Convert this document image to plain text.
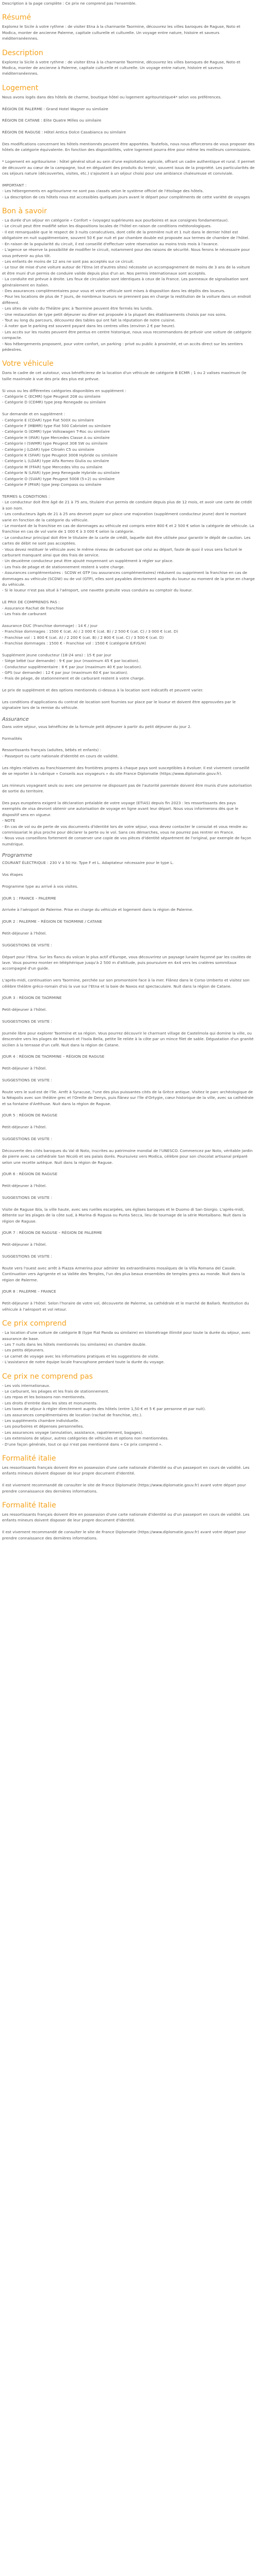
Description à la page complète : Ce prix ne comprend pas l'ensemble.

Résumé

Explorez le Sicile à votre rythme : de visiter Etna à la charmante Taormine, découvrez les villes baroques de Raguse, Noto et Modica, monter de ancienne Palerme, capitale culturelle et culturelle. Un voyage entre nature, histoire et saveurs méditerranéennes.

Description

Explorez la Sicile à votre rythme : de visiter Etna à la charmante Taormine, découvrez les villes baroques de Raguse, Noto et Modica, monter de ancienne à Palerme, capitale culturelle et culturelle. Un voyage entre nature, histoire et saveurs méditerranéennes.

Logement

Nous avons logés dans des hôtels de charme, boutique hôtel ou logement agritouristique4* selon vos préférences.

RÉGION DE PALERME : Grand Hotel Wagner ou similaire

RÉGION DE CATANE : Elite Quatre Milles ou similaire

RÉGION DE RAGUSE : Hôtel Antica Dolce Casabianca ou similaire

Des modifications concernant les hôtels mentionnés peuvent être apportées. Toutefois, nous nous efforcerons de vous proposer des hôtels de catégorie équivalente. En fonction des disponibilités, votre logement pourra être pour même les meilleurs commissions.

* Logement en agritourisme : hôtel général situé au sein d'une exploitation agricole, offrant un cadre authentique et rural. Il permet de découvrir au cœur de la campagne, tout en dégustant des produits du terroir, souvent issus de la propriété. Les particularités de ces séjours nature (découvertes, visites, etc.) s'ajoutent à un séjour choisi pour une ambiance chaleureuse et conviviale.

IMPORTANT :

- Les hébergements en agritourisme ne sont pas classés selon le système officiel de l'étoilage des hôtels.

- La description de ces hôtels nous est accessibles quelques jours avant le départ pour compléments de cette variété de voyages

Bon à savoir

- La durée d'un séjour en catégorie « Confort » (voyagez supérieures aux pourboires et aux consignes fondamentaux).

- Le circuit peut être modifié selon les dispositions locales de l'hôtel en raison de conditions météorologiques.

- Il est remarquable que le respect de 3 nuits consécutives, dont celle de la première nuit et 1 nuit dans le dernier hôtel est obligatoire en nuit supplémentaire, souvent 50 € par nuit et par chambre double est proposée aux termes de chambre de l'hôtel.

- En raison de la popularité du circuit, il est conseillé d'effectuer votre réservation au moins trois mois à l'avance.

- L'agence se réserve la possibilité de modifier le circuit, notamment pour des raisons de sécurité. Nous ferons le nécessaire pour vous prévenir au plus tôt.

- Les enfants de moins de 12 ans ne sont pas acceptés sur ce circuit.

- Le tour de mise d'une voiture autour de l'Etna (et d'autres sites) nécessite un accompagnement de moins de 3 ans de la voiture et être muni d'un permis de conduire valide depuis plus d'un an. Nos permis internationaux sont acceptés.

- La conduite est prévue à droite. Les feux de circulation sont identiques à ceux de la France. Les panneaux de signalisation sont généralement en italien.

- Des assurances complémentaires pour vous et votre véhicule sont mises à disposition dans les dépôts des loueurs.

- Pour les locations de plus de 7 jours, de nombreux loueurs ne prennent pas en charge la restitution de la voiture dans un endroit différent.

- Les sites de visite du Théâtre grec à Taormine peuvent être fermés les lundis.

- Une restauration de type petit déjeuner ou dîner est proposée à la plupart des établissements choisis par nos soins.

- Tout au long du parcours, découvrez des tables qui ont fait la réputation de notre cuisine.

- À noter que le parking est souvent payant dans les centres villes (environ 2 € par heure).

- Les accès sur les routes peuvent être pentus en centre historique, nous vous recommandons de prévoir une voiture de catégorie compacte.

- Nos hébergements proposent, pour votre confort, un parking : privé ou public à proximité, et un accès direct sur les sentiers pédestres.

Votre véhicule

Dans le cadre de cet autotour, vous bénéficierez de la location d'un véhicule de catégorie B ECMR ; 1 ou 2 valises maximum (le taille maximale à vue des prix des plus est prévue.

Si vous ou les différentes catégories disponibles en supplément :

- Catégorie C (ECMR) type Peugeot 208 ou similaire

- Catégorie D (CDMR) type Jeep Renegade ou similaire

Sur demande et en supplément :

- Catégorie E (CDAR) type Fiat 500X ou similaire

- Catégorie F (MBMR) type Fiat 500 Cabriolet ou similaire

- Catégorie G (IDMR) type Volkswagen T-Roc ou similaire

- Catégorie H (IFAR) type Mercedes Classe A ou similaire

- Catégorie I (SWMR) type Peugeot 308 SW ou similaire

- Catégorie J (LDAR) type Citroën C5 ou similaire

- Catégorie K (SFAR) type Peugeot 3008 Hybride ou similaire

- Catégorie L (LDAR) type Alfa Romeo Giulia ou similaire

- Catégorie M (FFAR) type Mercedes Vito ou similaire

- Catégorie N (LFAR) type Jeep Renegade Hybride ou similaire

- Catégorie O (SVAR) type Peugeot 5008 (5+2) ou similaire

- Catégorie P (PFAR) type Jeep Compass ou similaire

TERMES & CONDITIONS :

- Le conducteur doit être âgé de 21 à 75 ans, titulaire d'un permis de conduire depuis plus de 12 mois, et avoir une carte de crédit à son nom.

- Les conducteurs âgés de 21 à 25 ans devront payer sur place une majoration (supplément conducteur jeune) dont le montant varie en fonction de la catégorie du véhicule.

- Le montant de la franchise en cas de dommages au véhicule est compris entre 800 € et 2 500 € selon la catégorie de véhicule. La franchise en cas de vol varie de 1 000 € à 3 000 € selon la catégorie.

- Le conducteur principal doit être le titulaire de la carte de crédit, laquelle doit être utilisée pour garantir le dépôt de caution. Les cartes de débit ne sont pas acceptées.

- Vous devez restituer le véhicule avec le même niveau de carburant que celui au départ, faute de quoi il vous sera facturé le carburant manquant ainsi que des frais de service.

- Un deuxième conducteur peut être ajouté moyennant un supplément à régler sur place.

- Les frais de péage et de stationnement restent à votre charge.

- Assurances complémentaires : SCDW et GTP (ou assurances complémentaires) réduisent ou suppriment la franchise en cas de dommages au véhicule (SCDW) ou de vol (GTP), elles sont payables directement auprès du loueur au moment de la prise en charge du véhicule.

- Si le loueur n'est pas situé à l'aéroport, une navette gratuite vous conduira au comptoir du loueur.

LE PRIX DE COMPRENDS PAS :

- Assurance Rachat de franchise

- Les frais de carburant

Assurance DUC (Franchise dommage) : 14 € / jour

- Franchise dommages : 1500 € (cat. A) / 2 000 € (cat. B) / 2 500 € (cat. C) / 3 000 € (cat. D)

- Franchise vol : 1 800 € (cat. A) / 2 200 € (cat. B) / 2 800 € (cat. C) / 3 500 € (cat. D)

- Franchise dommages : 1500 € - Franchise vol : 1500 € (catégorie E/F/G/H)

Supplément jeune conducteur (18-24 ans) : 15 € par jour

- Siège bébé (sur demande) : 9 € par jour (maximum 45 € par location).

- Conducteur supplémentaire : 8 € par jour (maximum 40 € par location).

- GPS (sur demande) : 12 € par jour (maximum 60 € par location).

- Frais de péage, de stationnement et de carburant restent à votre charge.

Le prix de supplément et des options mentionnés ci-dessus à la location sont indicatifs et peuvent varier.

Les conditions d'applications du contrat de location sont fournies sur place par le loueur et doivent être approuvées par le signataire lors de la remise du véhicule.

Assurance

Dans votre séjour, vous bénéficiez de la formule petit déjeuner à partir du petit déjeuner du jour 2.

Formalités

Ressortissants français (adultes, bébés et enfants) :

- Passeport ou carte nationale d'identité en cours de validité.

Les règles relatives au franchissement des frontières propres à chaque pays sont susceptibles à évoluer. Il est vivement conseillé de se reporter à la rubrique « Conseils aux voyageurs » du site France Diplomatie (https://www.diplomatie.gouv.fr).

Les mineurs voyageant seuls ou avec une personne ne disposant pas de l'autorité parentale doivent être munis d'une autorisation de sortie du territoire.

Des pays européens exigent la déclaration préalable de votre voyage (ETIAS) depuis fin 2023 : les ressortissants des pays exemptés de visa devront obtenir une autorisation de voyage en ligne avant leur départ. Nous vous informerons dès que le dispositif sera en vigueur.

- NOTE

- En cas de vol ou de perte de vos documents d'identité lors de votre séjour, vous devez contacter le consulat et vous rendre au commissariat le plus proche pour déclarer la perte ou le vol. Sans ces démarches, vous ne pourrez pas rentrer en France.

- Nous vous conseillons fortement de conserver une copie de vos pièces d'identité séparément de l'original, par exemple de façon numérique.

Programme

COURANT ÉLECTRIQUE : 230 V à 50 Hz. Type F et L. Adaptateur nécessaire pour le type L.

Vos étapes

Programme type au arrivé à vos visites.

JOUR 1 : FRANCE – PALERME

Arrivée à l'aéroport de Palerme. Prise en charge du véhicule et logement dans la région de Palerme.

JOUR 2 : PALERME – RÉGION DE TAORMINE / CATANE

Petit-déjeuner à l'hôtel.

SUGGESTIONS DE VISITE :

Départ pour l'Etna. Sur les flancs du volcan le plus actif d'Europe, vous découvrirez un paysage lunaire façonné par les coulées de lave. Vous pourrez monter en téléphérique jusqu'à 2 500 m d'altitude, puis poursuivre en 4x4 vers les cratères sommitaux accompagné d'un guide.

L'après-midi, continuation vers Taormine, perchée sur son promontoire face à la mer. Flânez dans le Corso Umberto et visitez son célèbre théâtre gréco-romain d'où la vue sur l'Etna et la baie de Naxos est spectaculaire. Nuit dans la région de Catane.

JOUR 3 : RÉGION DE TAORMINE

Petit-déjeuner à l'hôtel.

SUGGESTIONS DE VISITE :

Journée libre pour explorer Taormine et sa région. Vous pourrez découvrir le charmant village de Castelmola qui domine la ville, ou descendre vers les plages de Mazzarò et l'Isola Bella, petite île reliée à la côte par un mince filet de sable. Dégustation d'un granité sicilien à la terrasse d'un café. Nuit dans la région de Catane.

JOUR 4 : RÉGION DE TAORMINE – RÉGION DE RAGUSE

Petit-déjeuner à l'hôtel.

SUGGESTIONS DE VISITE :

Route vers le sud-est de l'île. Arrêt à Syracuse, l'une des plus puissantes cités de la Grèce antique. Visitez le parc archéologique de la Néapolis avec son théâtre grec et l'Oreille de Denys, puis flânez sur l'île d'Ortygie, cœur historique de la ville, avec sa cathédrale et sa fontaine d'Aréthuse. Nuit dans la région de Raguse.

JOUR 5 : RÉGION DE RAGUSE

Petit-déjeuner à l'hôtel.

SUGGESTIONS DE VISITE :

Découverte des cités baroques du Val di Noto, inscrites au patrimoine mondial de l'UNESCO. Commencez par Noto, véritable jardin de pierre avec sa cathédrale San Nicolò et ses palais dorés. Poursuivez vers Modica, célèbre pour son chocolat artisanal préparé selon une recette aztèque. Nuit dans la région de Raguse.

JOUR 6 : RÉGION DE RAGUSE

Petit-déjeuner à l'hôtel.

SUGGESTIONS DE VISITE :

Visite de Raguse Ibla, la ville haute, avec ses ruelles escarpées, ses églises baroques et le Duomo di San Giorgio. L'après-midi, détente sur les plages de la côte sud, à Marina di Ragusa ou Punta Secca, lieu de tournage de la série Montalbano. Nuit dans la région de Raguse.

JOUR 7 : RÉGION DE RAGUSE – RÉGION DE PALERME

Petit-déjeuner à l'hôtel.

SUGGESTIONS DE VISITE :

Route vers l'ouest avec arrêt à Piazza Armerina pour admirer les extraordinaires mosaïques de la Villa Romana del Casale. Continuation vers Agrigente et sa Vallée des Temples, l'un des plus beaux ensembles de temples grecs au monde. Nuit dans la région de Palerme.

JOUR 8 : PALERME – FRANCE

Petit-déjeuner à l'hôtel. Selon l'horaire de votre vol, découverte de Palerme, sa cathédrale et le marché de Ballarò. Restitution du véhicule à l'aéroport et vol retour.

Ce prix comprend

- La location d'une voiture de catégorie B (type Fiat Panda ou similaire) en kilométrage illimité pour toute la durée du séjour, avec assurance de base.

- Les 7 nuits dans les hôtels mentionnés (ou similaires) en chambre double.

- Les petits déjeuners.

- Le carnet de voyage avec les informations pratiques et les suggestions de visite.

- L'assistance de notre équipe locale francophone pendant toute la durée du voyage.

Ce prix ne comprend pas

- Les vols internationaux.

- Le carburant, les péages et les frais de stationnement.

- Les repas et les boissons non mentionnés.

- Les droits d'entrée dans les sites et monuments.

- Les taxes de séjour à régler directement auprès des hôtels (entre 1,50 € et 5 € par personne et par nuit).

- Les assurances complémentaires de location (rachat de franchise, etc.).

- Les suppléments chambre individuelle.

- Les pourboires et dépenses personnelles.

- Les assurances voyage (annulation, assistance, rapatriement, bagages).

- Les extensions de séjour, autres catégories de véhicules et options non mentionnées.

- D'une façon générale, tout ce qui n'est pas mentionné dans « Ce prix comprend ».

Formalité italie

Les ressortissants français doivent être en possession d'une carte nationale d'identité ou d'un passeport en cours de validité. Les enfants mineurs doivent disposer de leur propre document d'identité.

Il est vivement recommandé de consulter le site de France Diplomatie (https://www.diplomatie.gouv.fr) avant votre départ pour prendre connaissance des dernières informations.

Formalité Italie

Les ressortissants français doivent être en possession d'une carte nationale d'identité ou d'un passeport en cours de validité. Les enfants mineurs doivent disposer de leur propre document d'identité.

Il est vivement recommandé de consulter le site de France Diplomatie (https://www.diplomatie.gouv.fr) avant votre départ pour prendre connaissance des dernières informations.
